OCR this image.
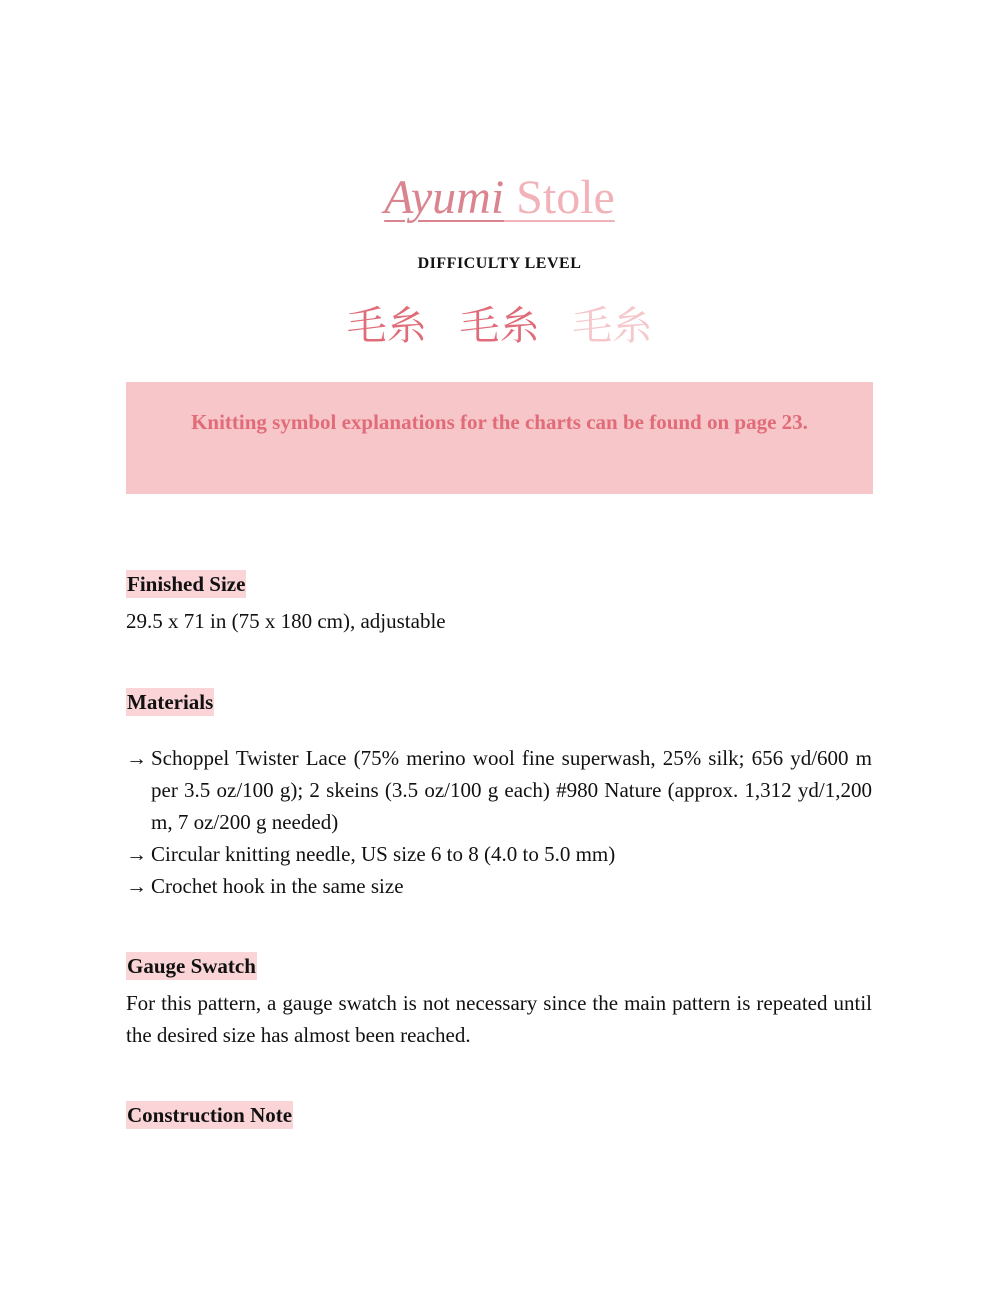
Ayumi Stole
DIFFICULTY LEVEL
毛糸 毛糸 毛糸
Knitting symbol explanations for the charts can be found on page 23.
Finished Size
29.5 x 71 in (75 x 180 cm), adjustable
Materials
→ Schoppel Twister Lace (75% merino wool fine superwash, 25% silk; 656 yd/600 m per 3.5 oz/100 g); 2 skeins (3.5 oz/100 g each) #980 Nature (approx. 1,312 yd/1,200 m, 7 oz/200 g needed)
→ Circular knitting needle, US size 6 to 8 (4.0 to 5.0 mm)
→ Crochet hook in the same size
Gauge Swatch
For this pattern, a gauge swatch is not necessary since the main pattern is repeated until the desired size has almost been reached.
Construction Note
